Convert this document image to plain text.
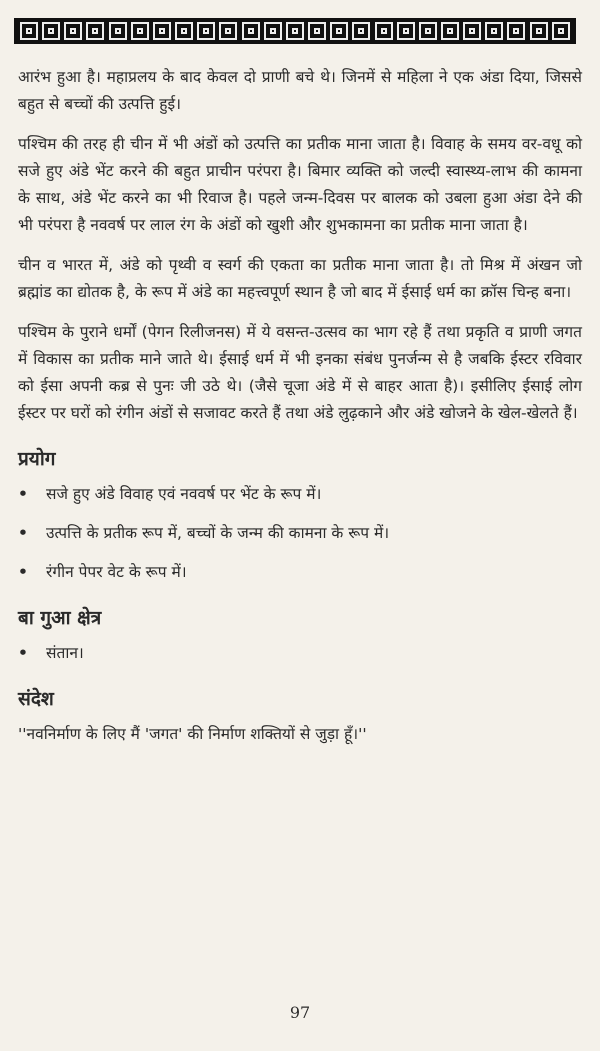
आरंभ हुआ है। महाप्रलय के बाद केवल दो प्राणी बचे थे। जिनमें से महिला ने एक अंडा दिया, जिससे बहुत से बच्चों की उत्पत्ति हुई।

पश्चिम की तरह ही चीन में भी अंडों को उत्पत्ति का प्रतीक माना जाता है। विवाह के समय वर-वधू को सजे हुए अंडे भेंट करने की बहुत प्राचीन परंपरा है। बिमार व्यक्ति को जल्दी स्वास्थ्य-लाभ की कामना के साथ, अंडे भेंट करने का भी रिवाज है। पहले जन्म-दिवस पर बालक को उबला हुआ अंडा देने की भी परंपरा है नववर्ष पर लाल रंग के अंडों को खुशी और शुभकामना का प्रतीक माना जाता है।

चीन व भारत में, अंडे को पृथ्वी व स्वर्ग की एकता का प्रतीक माना जाता है। तो मिश्र में अंखन जो ब्रह्मांड का द्योतक है, के रूप में अंडे का महत्त्वपूर्ण स्थान है जो बाद में ईसाई धर्म का क्रॉस चिन्ह बना।

पश्चिम के पुराने धर्मों (पेगन रिलीजनस) में ये वसन्त-उत्सव का भाग रहे हैं तथा प्रकृति व प्राणी जगत में विकास का प्रतीक माने जाते थे। ईसाई धर्म में भी इनका संबंध पुनर्जन्म से है जबकि ईस्टर रविवार को ईसा अपनी कब्र से पुनः जी उठे थे। (जैसे चूजा अंडे में से बाहर आता है)। इसीलिए ईसाई लोग ईस्टर पर घरों को रंगीन अंडों से सजावट करते हैं तथा अंडे लुढ़काने और अंडे खोजने के खेल-खेलते हैं।

प्रयोग
• सजे हुए अंडे विवाह एवं नववर्ष पर भेंट के रूप में।
• उत्पत्ति के प्रतीक रूप में, बच्चों के जन्म की कामना के रूप में।
• रंगीन पेपर वेट के रूप में।
बा गुआ क्षेत्र
• संतान।
संदेश
''नवनिर्माण के लिए मैं 'जगत' की निर्माण शक्तियों से जुड़ा हूँ।''
97
